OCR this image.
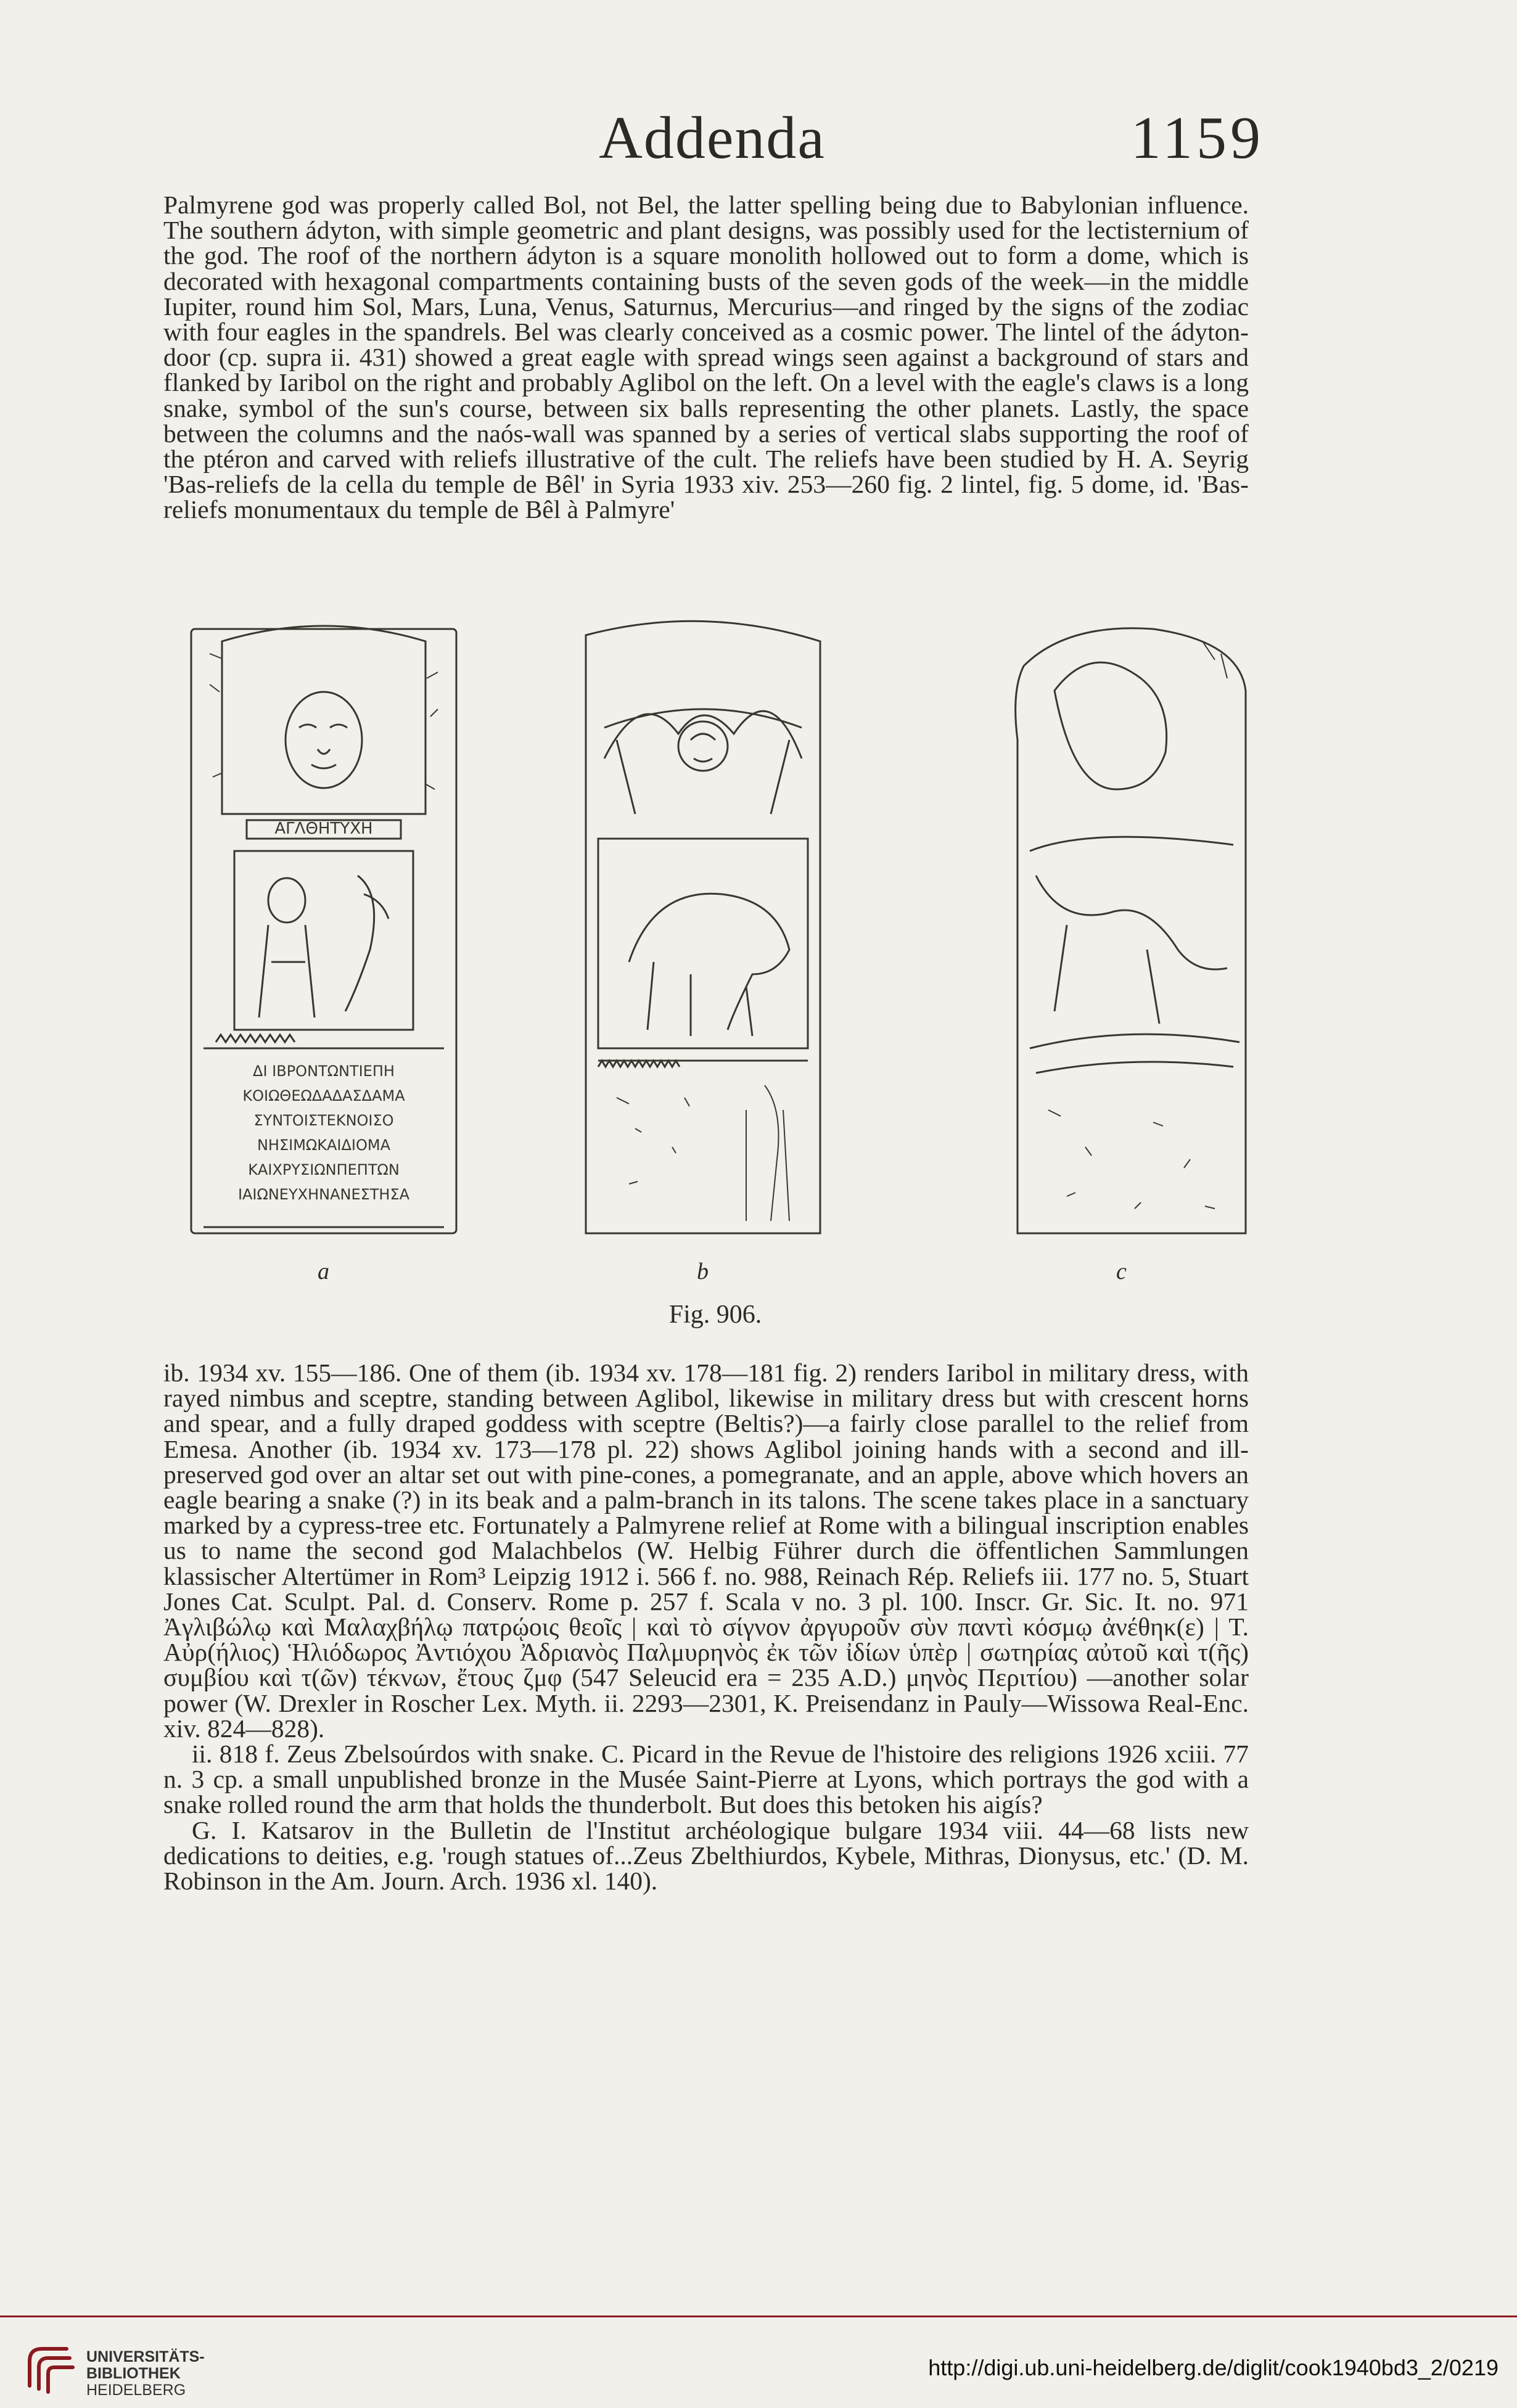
Addenda	1159

Palmyrene god was properly called Bol, not Bel, the latter spelling being due to Babylonian influence. The southern ádyton, with simple geometric and plant designs, was possibly used for the lectisternium of the god. The roof of the northern ádyton is a square monolith hollowed out to form a dome, which is decorated with hexagonal compartments containing busts of the seven gods of the week—in the middle Iupiter, round him Sol, Mars, Luna, Venus, Saturnus, Mercurius—and ringed by the signs of the zodiac with four eagles in the spandrels. Bel was clearly conceived as a cosmic power. The lintel of the ádyton-door (cp. supra ii. 431) showed a great eagle with spread wings seen against a background of stars and flanked by Iaribol on the right and probably Aglibol on the left. On a level with the eagle's claws is a long snake, symbol of the sun's course, between six balls representing the other planets. Lastly, the space between the columns and the naós-wall was spanned by a series of vertical slabs supporting the roof of the ptéron and carved with reliefs illustrative of the cult. The reliefs have been studied by H. A. Seyrig 'Bas-reliefs de la cella du temple de Bêl' in Syria 1933 xiv. 253—260 fig. 2 lintel, fig. 5 dome, id. 'Bas-reliefs monumentaux du temple de Bêl à Palmyre'

ΑΓΛΘΗΤΥΧΗ
ΔΙ ΙΒΡΟΝΤΩΝΤΙΕΠΗ
ΚΟΙΩΘΕΩΔΑΔΑΣΔΑΜΑ
ΣΥΝΤΟΙΣΤΕΚΝΟΙΣΟ
ΝΗΣΙΜΩΚΑΙΔΙΟΜΑ
ΚΑΙΧΡΥΣΙΩΝΠΕΠΤΩΝ
ΙΑΙΩΝΕΥΧΗΝΑΝΕΣΤΗΣΑ
a	b	c
Fig. 906.

ib. 1934 xv. 155—186. One of them (ib. 1934 xv. 178—181 fig. 2) renders Iaribol in military dress, with rayed nimbus and sceptre, standing between Aglibol, likewise in military dress but with crescent horns and spear, and a fully draped goddess with sceptre (Beltis?)—a fairly close parallel to the relief from Emesa. Another (ib. 1934 xv. 173—178 pl. 22) shows Aglibol joining hands with a second and ill-preserved god over an altar set out with pine-cones, a pomegranate, and an apple, above which hovers an eagle bearing a snake (?) in its beak and a palm-branch in its talons. The scene takes place in a sanctuary marked by a cypress-tree etc. Fortunately a Palmyrene relief at Rome with a bilingual inscription enables us to name the second god Malachbelos (W. Helbig Führer durch die öffentlichen Sammlungen klassischer Altertümer in Rom³ Leipzig 1912 i. 566 f. no. 988, Reinach Rép. Reliefs iii. 177 no. 5, Stuart Jones Cat. Sculpt. Pal. d. Conserv. Rome p. 257 f. Scala v no. 3 pl. 100. Inscr. Gr. Sic. It. no. 971 Ἀγλιβώλῳ καὶ Μαλαχβήλῳ πατρῴοις θεοῖς | καὶ τὸ σίγνον ἀργυροῦν σὺν παντὶ κόσμῳ ἀνέθηκ(ε) | Τ. Αὐρ(ήλιος) Ἡλιόδωρος Ἀντιόχου Ἀδριανὸς Παλμυρηνὸς ἐκ τῶν ἰδίων ὑπὲρ | σωτηρίας αὐτοῦ καὶ τ(ῆς) συμβίου καὶ τ(ῶν) τέκνων, ἔτους ζμφ (547 Seleucid era = 235 A.D.) μηνὸς Περιτίου) —another solar power (W. Drexler in Roscher Lex. Myth. ii. 2293—2301, K. Preisendanz in Pauly—Wissowa Real-Enc. xiv. 824—828).

ii. 818 f. Zeus Zbelsoúrdos with snake. C. Picard in the Revue de l'histoire des religions 1926 xciii. 77 n. 3 cp. a small unpublished bronze in the Musée Saint-Pierre at Lyons, which portrays the god with a snake rolled round the arm that holds the thunderbolt. But does this betoken his aigís?

G. I. Katsarov in the Bulletin de l'Institut archéologique bulgare 1934 viii. 44—68 lists new dedications to deities, e.g. 'rough statues of...Zeus Zbelthiurdos, Kybele, Mithras, Dionysus, etc.' (D. M. Robinson in the Am. Journ. Arch. 1936 xl. 140).

UNIVERSITÄTS-
BIBLIOTHEK
HEIDELBERG
http://digi.ub.uni-heidelberg.de/diglit/cook1940bd3_2/0219
